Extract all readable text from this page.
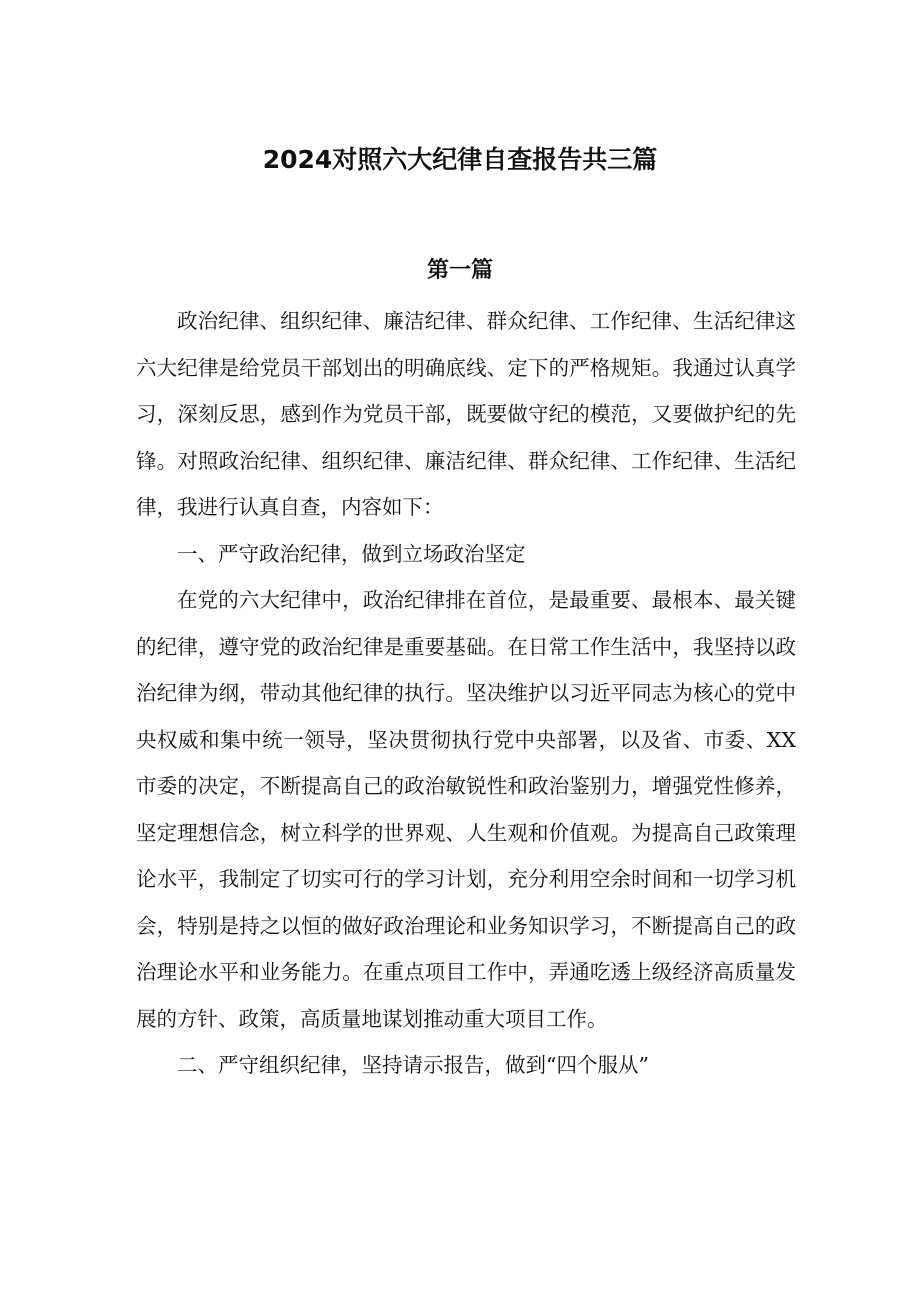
2024对照六大纪律自查报告共三篇
第一篇

政治纪律、组织纪律、廉洁纪律、群众纪律、工作纪律、生活纪律这六大纪律是给党员干部划出的明确底线、定下的严格规矩。我通过认真学习，深刻反思，感到作为党员干部，既要做守纪的模范，又要做护纪的先锋。对照政治纪律、组织纪律、廉洁纪律、群众纪律、工作纪律、生活纪律，我进行认真自查，内容如下：

一、严守政治纪律，做到立场政治坚定

在党的六大纪律中，政治纪律排在首位，是最重要、最根本、最关键的纪律，遵守党的政治纪律是重要基础。在日常工作生活中，我坚持以政治纪律为纲，带动其他纪律的执行。坚决维护以习近平同志为核心的党中央权威和集中统一领导，坚决贯彻执行党中央部署，以及省、市委、XX市委的决定，不断提高自己的政治敏锐性和政治鉴别力，增强党性修养，坚定理想信念，树立科学的世界观、人生观和价值观。为提高自己政策理论水平，我制定了切实可行的学习计划，充分利用空余时间和一切学习机会，特别是持之以恒的做好政治理论和业务知识学习，不断提高自己的政治理论水平和业务能力。在重点项目工作中，弄通吃透上级经济高质量发展的方针、政策，高质量地谋划推动重大项目工作。

二、严守组织纪律，坚持请示报告，做到“四个服从”
